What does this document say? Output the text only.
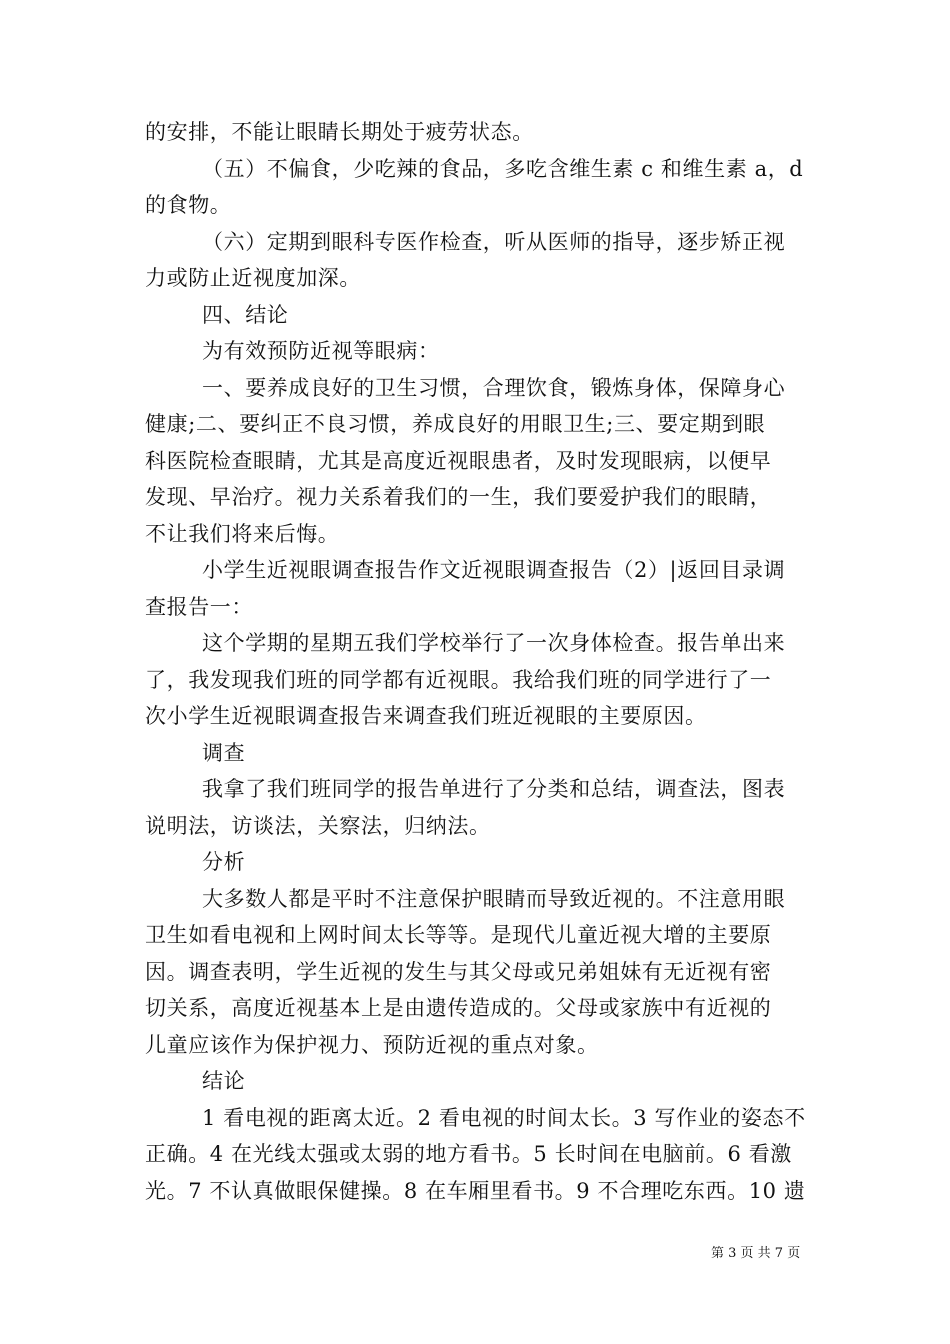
的安排，不能让眼睛长期处于疲劳状态。
（五）不偏食，少吃辣的食品，多吃含维生素 c 和维生素 a，d
的食物。
（六）定期到眼科专医作检查，听从医师的指导，逐步矫正视
力或防止近视度加深。
四、结论
为有效预防近视等眼病：
一、要养成良好的卫生习惯，合理饮食，锻炼身体，保障身心
健康;二、要纠正不良习惯，养成良好的用眼卫生;三、要定期到眼
科医院检查眼睛，尤其是高度近视眼患者，及时发现眼病，以便早
发现、早治疗。视力关系着我们的一生，我们要爱护我们的眼睛，
不让我们将来后悔。
小学生近视眼调查报告作文近视眼调查报告（2）|返回目录调
查报告一：
这个学期的星期五我们学校举行了一次身体检查。报告单出来
了，我发现我们班的同学都有近视眼。我给我们班的同学进行了一
次小学生近视眼调查报告来调查我们班近视眼的主要原因。
调查
我拿了我们班同学的报告单进行了分类和总结，调查法，图表
说明法，访谈法，关察法，归纳法。
分析
大多数人都是平时不注意保护眼睛而导致近视的。不注意用眼
卫生如看电视和上网时间太长等等。是现代儿童近视大增的主要原
因。调查表明，学生近视的发生与其父母或兄弟姐妹有无近视有密
切关系，高度近视基本上是由遗传造成的。父母或家族中有近视的
儿童应该作为保护视力、预防近视的重点对象。
结论
1 看电视的距离太近。2 看电视的时间太长。3 写作业的姿态不
正确。4 在光线太强或太弱的地方看书。5 长时间在电脑前。6 看激
光。7 不认真做眼保健操。8 在车厢里看书。9 不合理吃东西。10 遗
第 3 页 共 7 页
